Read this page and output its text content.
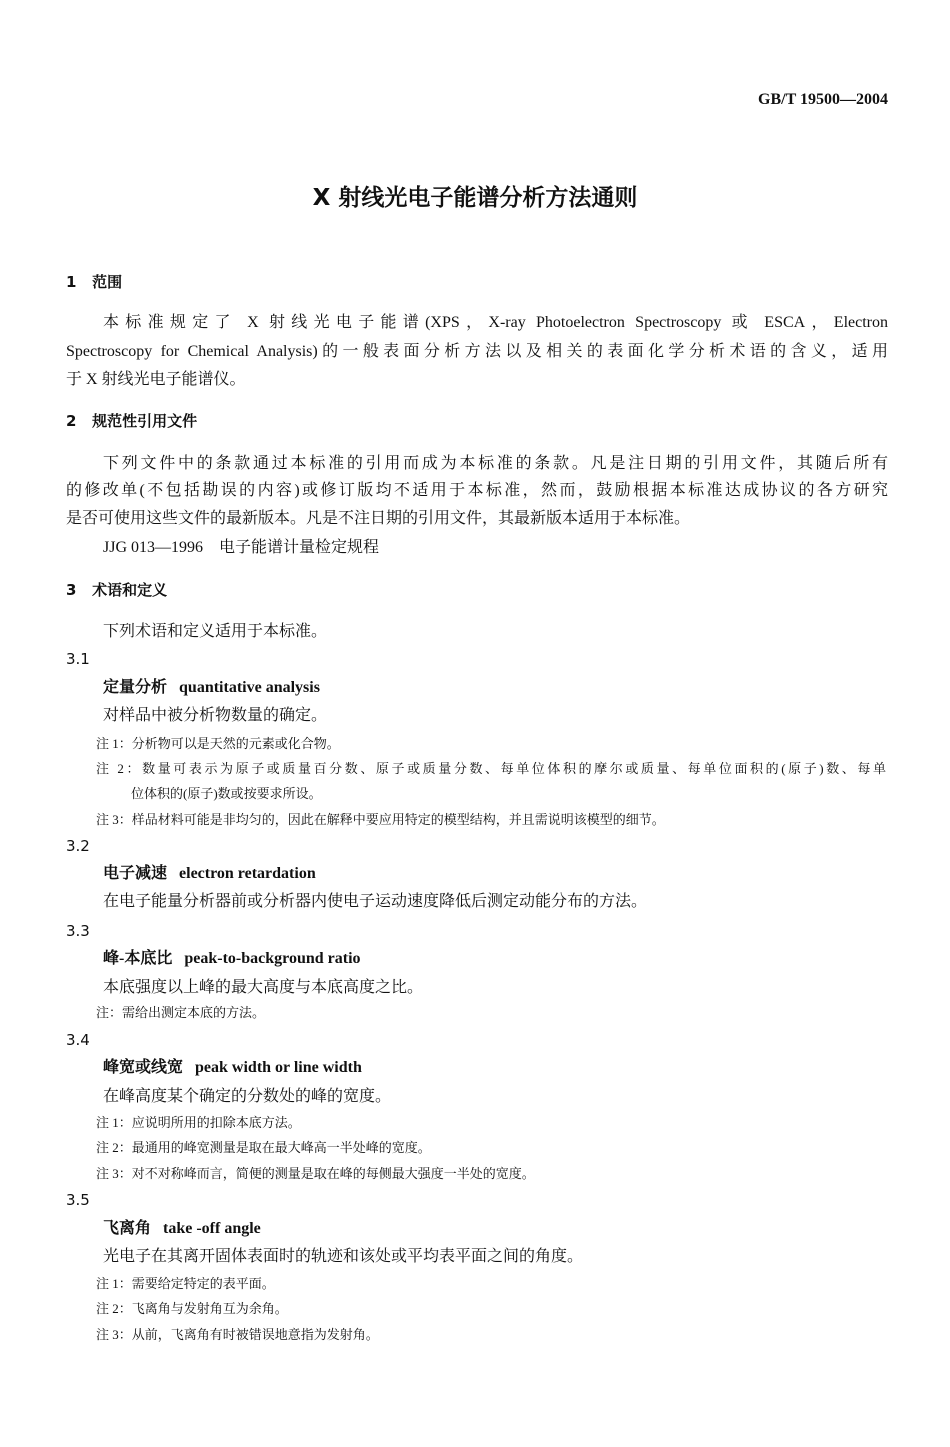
GB/T 19500—2004
X 射线光电子能谱分析方法通则
1 范围
本标准规定了 X 射线光电子能谱(XPS，X-ray Photoelectron Spectroscopy 或 ESCA，Electron
Spectroscopy for Chemical Analysis)的一般表面分析方法以及相关的表面化学分析术语的含义，适用
于 X 射线光电子能谱仪。
2 规范性引用文件
下列文件中的条款通过本标准的引用而成为本标准的条款。凡是注日期的引用文件，其随后所有
的修改单(不包括勘误的内容)或修订版均不适用于本标准，然而，鼓励根据本标准达成协议的各方研究
是否可使用这些文件的最新版本。凡是不注日期的引用文件，其最新版本适用于本标准。
JJG 013—1996　电子能谱计量检定规程
3 术语和定义
下列术语和定义适用于本标准。
3.1
定量分析 quantitative analysis
对样品中被分析物数量的确定。
注 1：分析物可以是天然的元素或化合物。
注 2：数量可表示为原子或质量百分数、原子或质量分数、每单位体积的摩尔或质量、每单位面积的(原子)数、每单
位体积的(原子)数或按要求所设。
注 3：样品材料可能是非均匀的，因此在解释中要应用特定的模型结构，并且需说明该模型的细节。
3.2
电子减速 electron retardation
在电子能量分析器前或分析器内使电子运动速度降低后测定动能分布的方法。
3.3
峰-本底比 peak-to-background ratio
本底强度以上峰的最大高度与本底高度之比。
注：需给出测定本底的方法。
3.4
峰宽或线宽 peak width or line width
在峰高度某个确定的分数处的峰的宽度。
注 1：应说明所用的扣除本底方法。
注 2：最通用的峰宽测量是取在最大峰高一半处峰的宽度。
注 3：对不对称峰而言，简便的测量是取在峰的每侧最大强度一半处的宽度。
3.5
飞离角 take -off angle
光电子在其离开固体表面时的轨迹和该处或平均表平面之间的角度。
注 1：需要给定特定的表平面。
注 2：飞离角与发射角互为余角。
注 3：从前，飞离角有时被错误地意指为发射角。
